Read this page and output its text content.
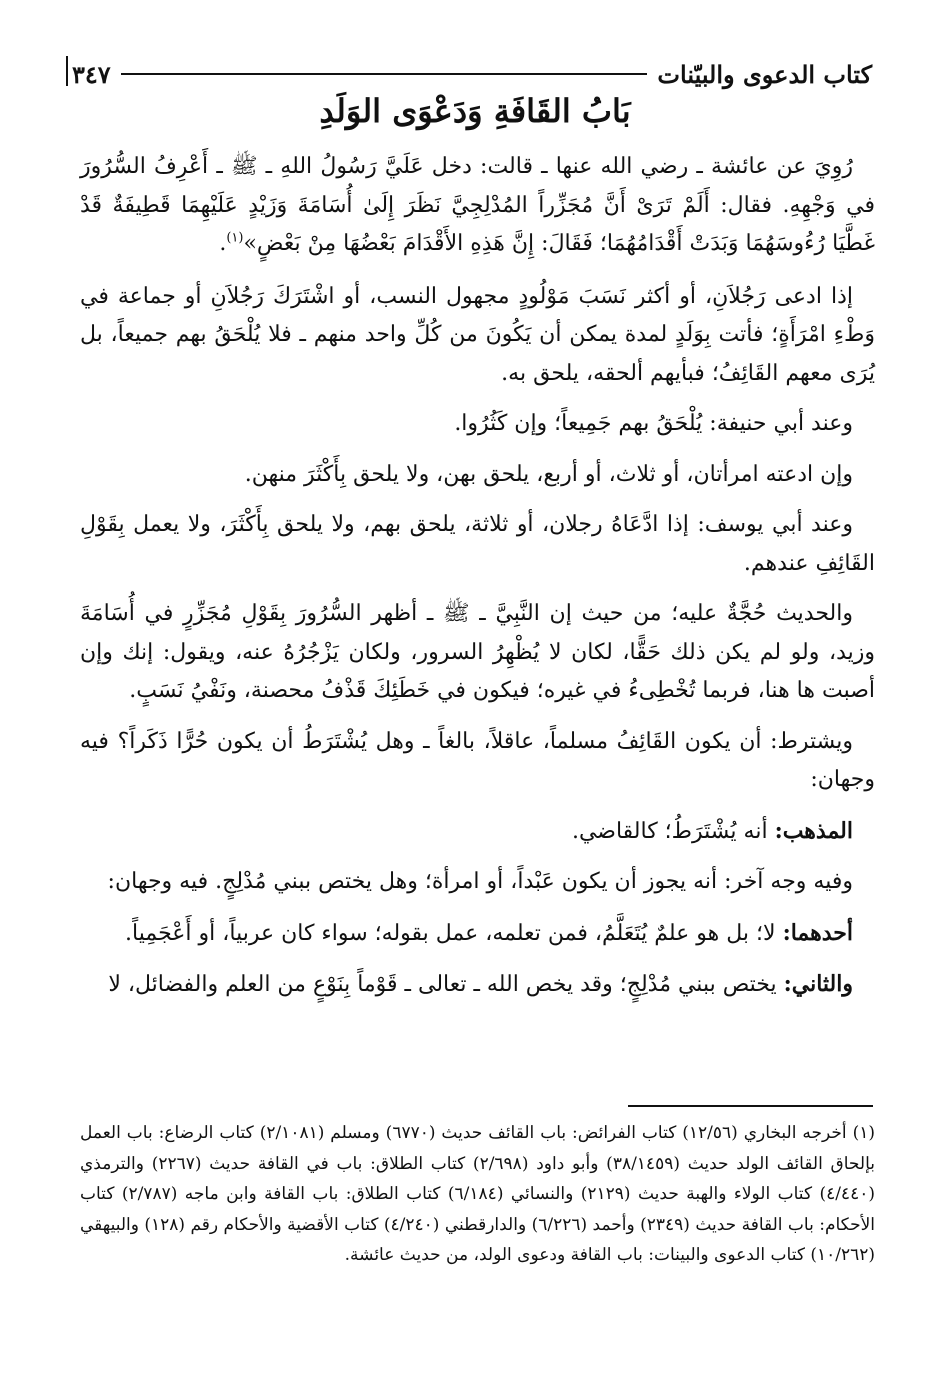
كتاب الدعوى والبيّنات
٣٤٧
بَابُ القَافَةِ وَدَعْوَى الوَلَدِ

رُوِيَ عن عائشة ـ رضي الله عنها ـ قالت: دخل عَلَيَّ رَسُولُ اللهِ ـ ﷺ ـ أَعْرِفُ السُّرُورَ في وَجْهِهِ. فقال: أَلَمْ تَرَىْ أَنَّ مُجَزِّراً المُدْلِجِيَّ نَظَرَ إِلَىٰ أُسَامَةَ وَزَيْدٍ عَلَيْهِمَا قَطِيفَةٌ قَدْ غَطَّيَا رُءُوسَهُمَا وَبَدَتْ أَقْدَامُهُمَا؛ فَقَالَ: إِنَّ هَذِهِ الأَقْدَامَ بَعْضُهَا مِنْ بَعْضٍ»$^{(١)}$.

إذا ادعى رَجُلاَنِ، أو أكثر نَسَبَ مَوْلُودٍ مجهول النسب، أو اشْتَرَكَ رَجُلاَنِ أو جماعة في وَطْءِ امْرَأَةٍ؛ فأتت بِوَلَدٍ لمدة يمكن أن يَكُونَ من كُلِّ واحد منهم ـ فلا يُلْحَقُ بهم جميعاً، بل يُرَى معهم القَائِفُ؛ فبأيهم ألحقه، يلحق به.

وعند أبي حنيفة: يُلْحَقُ بهم جَمِيعاً؛ وإن كَثُرُوا.

وإن ادعته امرأتان، أو ثلاث، أو أربع، يلحق بهن، ولا يلحق بِأَكْثَرَ منهن.

وعند أبي يوسف: إذا ادَّعَاهُ رجلان، أو ثلاثة، يلحق بهم، ولا يلحق بِأَكْثَرَ، ولا يعمل بِقَوْلِ القَائِفِ عندهم.

والحديث حُجَّةٌ عليه؛ من حيث إن النَّبِيَّ ـ ﷺ ـ أظهر السُّرُورَ بِقَوْلِ مُجَزِّرٍ في أُسَامَةَ وزيد، ولو لم يكن ذلك حَقًّا، لكان لا يُظْهِرُ السرور، ولكان يَزْجُرُهُ عنه، ويقول: إنك وإن أصبت ها هنا، فربما تُخْطِىءُ في غيره؛ فيكون في خَطَئِكَ قَذْفُ محصنة، ونَفْيُ نَسَبٍ.

ويشترط: أن يكون القَائِفُ مسلماً، عاقلاً، بالغاً ـ وهل يُشْتَرَطُ أن يكون حُرًّا ذَكَراً؟ فيه وجهان:

المذهب: أنه يُشْتَرَطُ؛ كالقاضي.

وفيه وجه آخر: أنه يجوز أن يكون عَبْداً، أو امرأة؛ وهل يختص ببني مُدْلِجٍ. فيه وجهان:

أحدهما: لا؛ بل هو علمٌ يُتَعَلَّمُ، فمن تعلمه، عمل بقوله؛ سواء كان عربياً، أو أَعْجَمِياً.

والثاني: يختص ببني مُدْلِجٍ؛ وقد يخص الله ـ تعالى ـ قَوْماً بِنَوْعٍ من العلم والفضائل، لا

(١) أخرجه البخاري (١٢/٥٦) كتاب الفرائض: باب القائف حديث (٦٧٧٠) ومسلم (٢/١٠٨١) كتاب الرضاع: باب العمل بإلحاق القائف الولد حديث (٣٨/١٤٥٩) وأبو داود (٢/٦٩٨) كتاب الطلاق: باب في القافة حديث (٢٢٦٧) والترمذي (٤/٤٤٠) كتاب الولاء والهبة حديث (٢١٢٩) والنسائي (٦/١٨٤) كتاب الطلاق: باب القافة وابن ماجه (٢/٧٨٧) كتاب الأحكام: باب القافة حديث (٢٣٤٩) وأحمد (٦/٢٢٦) والدارقطني (٤/٢٤٠) كتاب الأقضية والأحكام رقم (١٢٨) والبيهقي (١٠/٢٦٢) كتاب الدعوى والبينات: باب القافة ودعوى الولد، من حديث عائشة.
